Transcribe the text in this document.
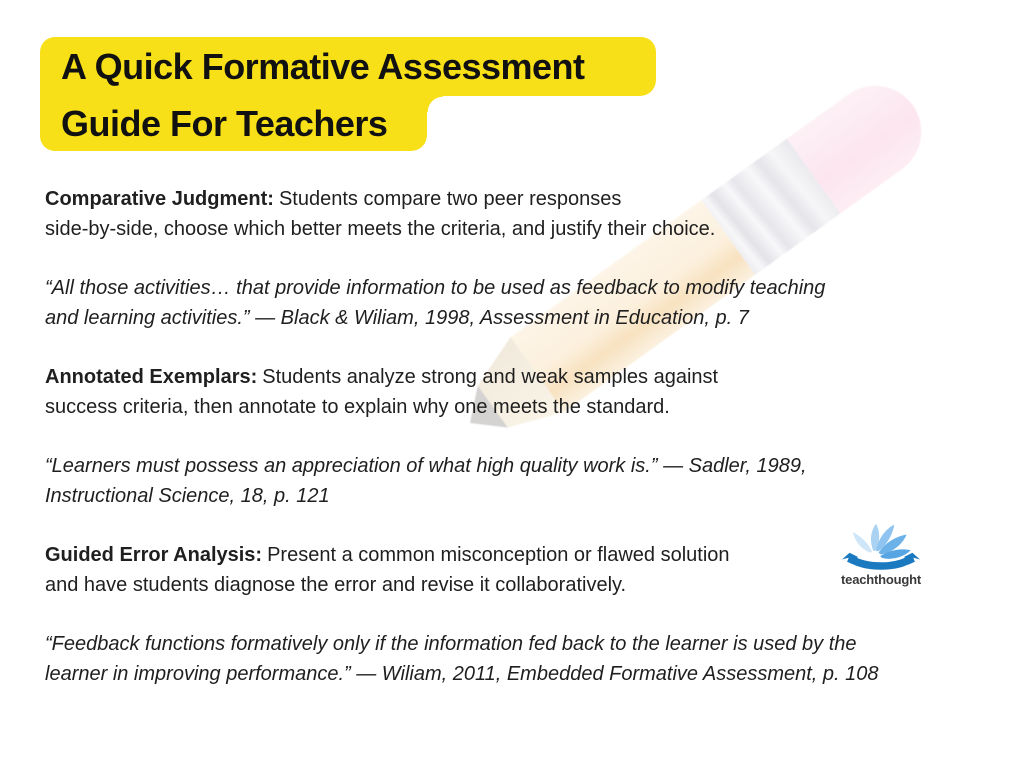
A Quick Formative Assessment
Guide For Teachers

Comparative Judgment: Students compare two peer responses
side-by-side, choose which better meets the criteria, and justify their choice.

“All those activities… that provide information to be used as feedback to modify teaching
and learning activities.” — Black & Wiliam, 1998, Assessment in Education, p. 7

Annotated Exemplars: Students analyze strong and weak samples against
success criteria, then annotate to explain why one meets the standard.

“Learners must possess an appreciation of what high quality work is.” — Sadler, 1989,
Instructional Science, 18, p. 121

Guided Error Analysis: Present a common misconception or flawed solution
and have students diagnose the error and revise it collaboratively.

“Feedback functions formatively only if the information fed back to the learner is used by the
learner in improving performance.” — Wiliam, 2011, Embedded Formative Assessment, p. 108

teachthought
